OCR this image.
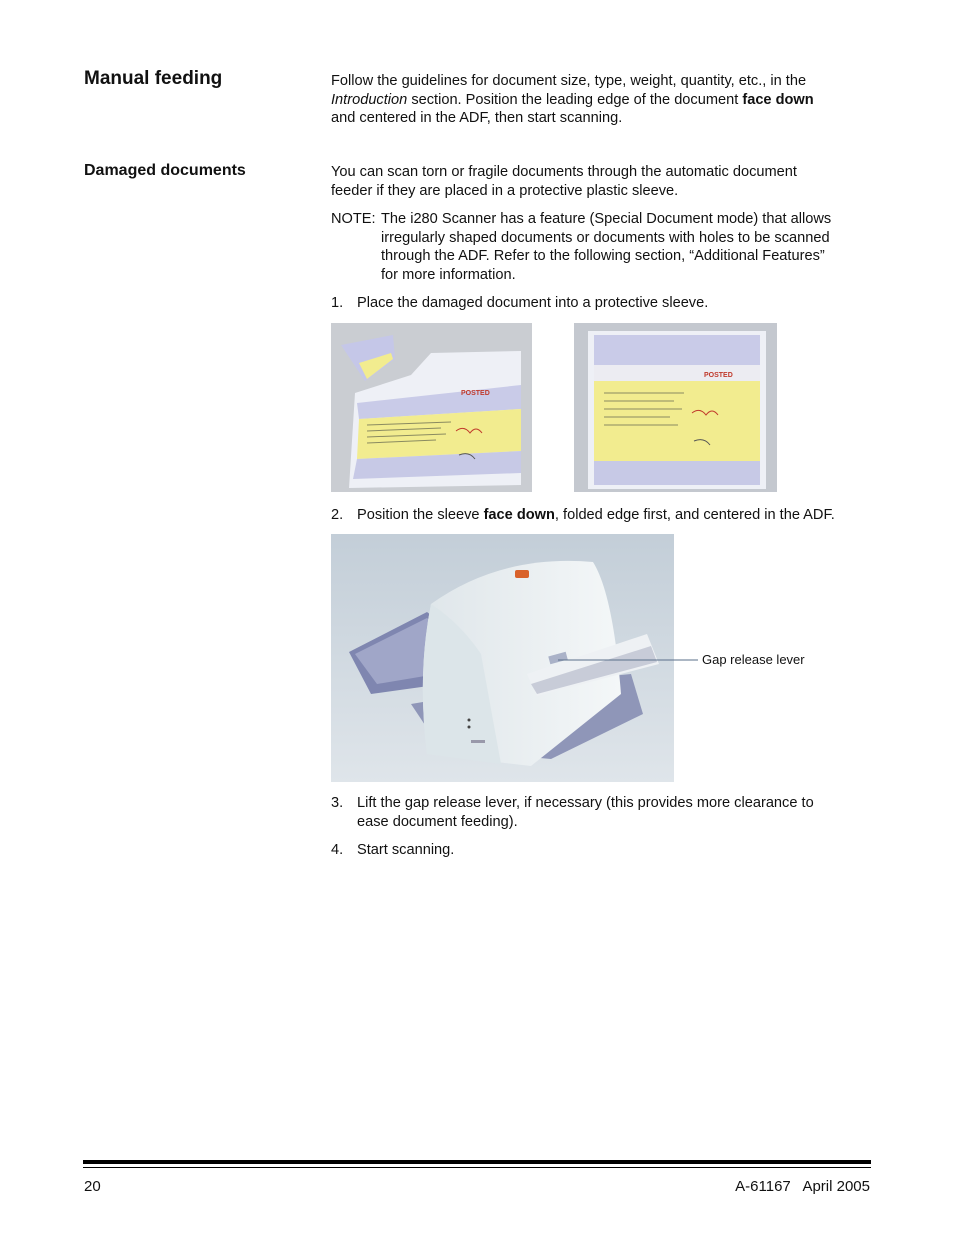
Manual feeding	Follow the guidelines for document size, type, weight, quantity, etc., in the

Introduction section. Position the leading edge of the document face down

and centered in the ADF, then start scanning.

Damaged documents	You can scan torn or fragile documents through the automatic document

feeder if they are placed in a protective plastic sleeve.

NOTE: The i280 Scanner has a feature (Special Document mode) that allows

irregularly shaped documents or documents with holes to be scanned

through the ADF. Refer to the following section, “Additional Features”

for more information.

1. Place the damaged document into a protective sleeve.
POSTED
POSTED
2. Position the sleeve face down, folded edge first, and centered in the ADF.
Gap release lever
3. Lift the gap release lever, if necessary (this provides more clearance to

ease document feeding).

4. Start scanning.
20	A-61167   April 2005
